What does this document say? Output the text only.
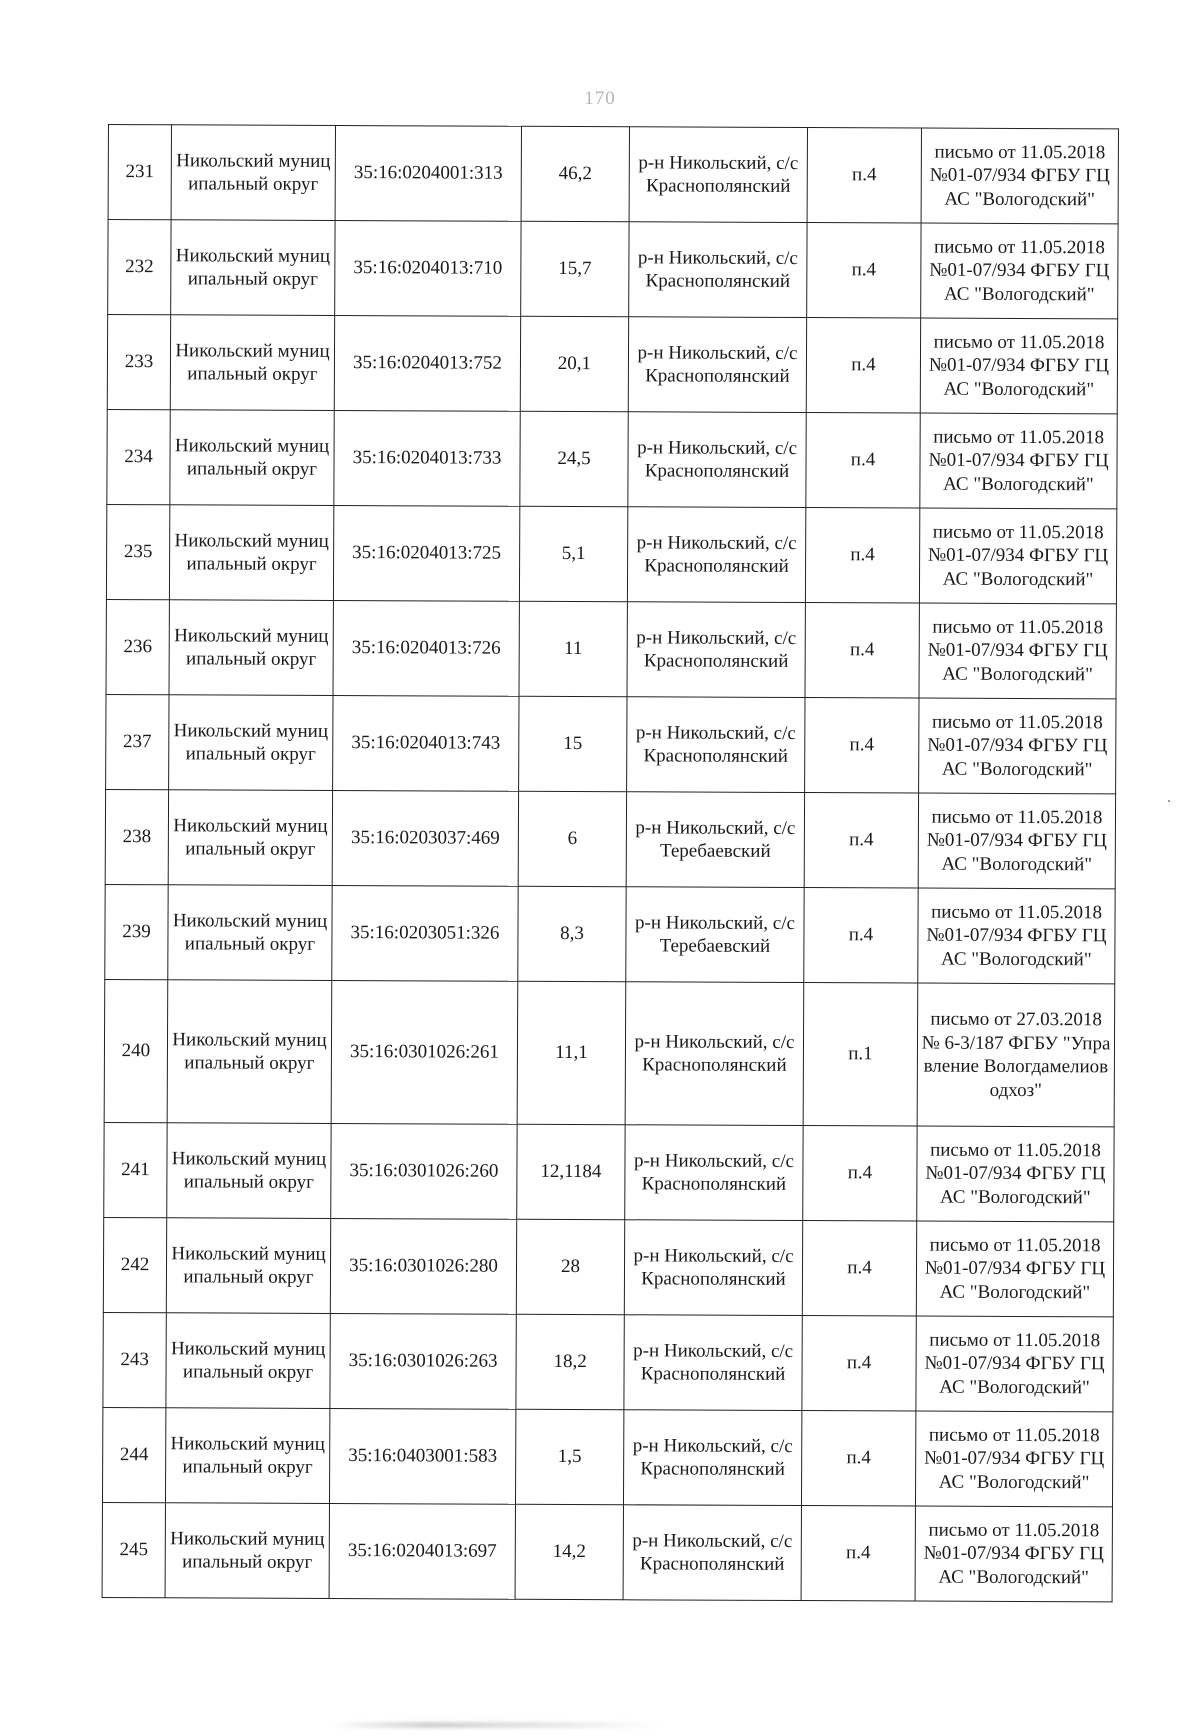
170
231	Никольский муниципальный округ	35:16:0204001:313	46,2	р-н Никольский, с/с Краснополянский	п.4	письмо от 11.05.2018 №01-07/934 ФГБУ ГЦАС "Вологодский"
232	Никольский муниципальный округ	35:16:0204013:710	15,7	р-н Никольский, с/с Краснополянский	п.4	письмо от 11.05.2018 №01-07/934 ФГБУ ГЦАС "Вологодский"
233	Никольский муниципальный округ	35:16:0204013:752	20,1	р-н Никольский, с/с Краснополянский	п.4	письмо от 11.05.2018 №01-07/934 ФГБУ ГЦАС "Вологодский"
234	Никольский муниципальный округ	35:16:0204013:733	24,5	р-н Никольский, с/с Краснополянский	п.4	письмо от 11.05.2018 №01-07/934 ФГБУ ГЦАС "Вологодский"
235	Никольский муниципальный округ	35:16:0204013:725	5,1	р-н Никольский, с/с Краснополянский	п.4	письмо от 11.05.2018 №01-07/934 ФГБУ ГЦАС "Вологодский"
236	Никольский муниципальный округ	35:16:0204013:726	11	р-н Никольский, с/с Краснополянский	п.4	письмо от 11.05.2018 №01-07/934 ФГБУ ГЦАС "Вологодский"
237	Никольский муниципальный округ	35:16:0204013:743	15	р-н Никольский, с/с Краснополянский	п.4	письмо от 11.05.2018 №01-07/934 ФГБУ ГЦАС "Вологодский"
238	Никольский муниципальный округ	35:16:0203037:469	6	р-н Никольский, с/с Теребаевский	п.4	письмо от 11.05.2018 №01-07/934 ФГБУ ГЦАС "Вологодский"
239	Никольский муниципальный округ	35:16:0203051:326	8,3	р-н Никольский, с/с Теребаевский	п.4	письмо от 11.05.2018 №01-07/934 ФГБУ ГЦАС "Вологодский"
240	Никольский муниципальный округ	35:16:0301026:261	11,1	р-н Никольский, с/с Краснополянский	п.1	письмо от 27.03.2018 № 6-3/187 ФГБУ "Управление Вологдамелиоводхоз"
241	Никольский муниципальный округ	35:16:0301026:260	12,1184	р-н Никольский, с/с Краснополянский	п.4	письмо от 11.05.2018 №01-07/934 ФГБУ ГЦАС "Вологодский"
242	Никольский муниципальный округ	35:16:0301026:280	28	р-н Никольский, с/с Краснополянский	п.4	письмо от 11.05.2018 №01-07/934 ФГБУ ГЦАС "Вологодский"
243	Никольский муниципальный округ	35:16:0301026:263	18,2	р-н Никольский, с/с Краснополянский	п.4	письмо от 11.05.2018 №01-07/934 ФГБУ ГЦАС "Вологодский"
244	Никольский муниципальный округ	35:16:0403001:583	1,5	р-н Никольский, с/с Краснополянский	п.4	письмо от 11.05.2018 №01-07/934 ФГБУ ГЦАС "Вологодский"
245	Никольский муниципальный округ	35:16:0204013:697	14,2	р-н Никольский, с/с Краснополянский	п.4	письмо от 11.05.2018 №01-07/934 ФГБУ ГЦАС "Вологодский"
